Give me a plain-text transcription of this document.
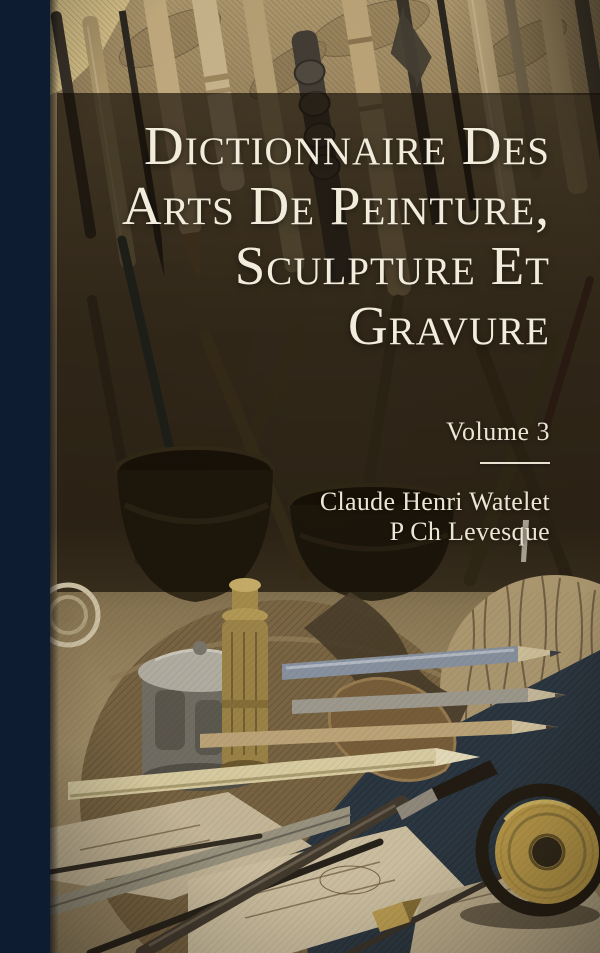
Dictionnaire Des
Arts De Peinture,
Sculpture Et
Gravure
Volume 3
Claude Henri Watelet
P Ch Levesque
